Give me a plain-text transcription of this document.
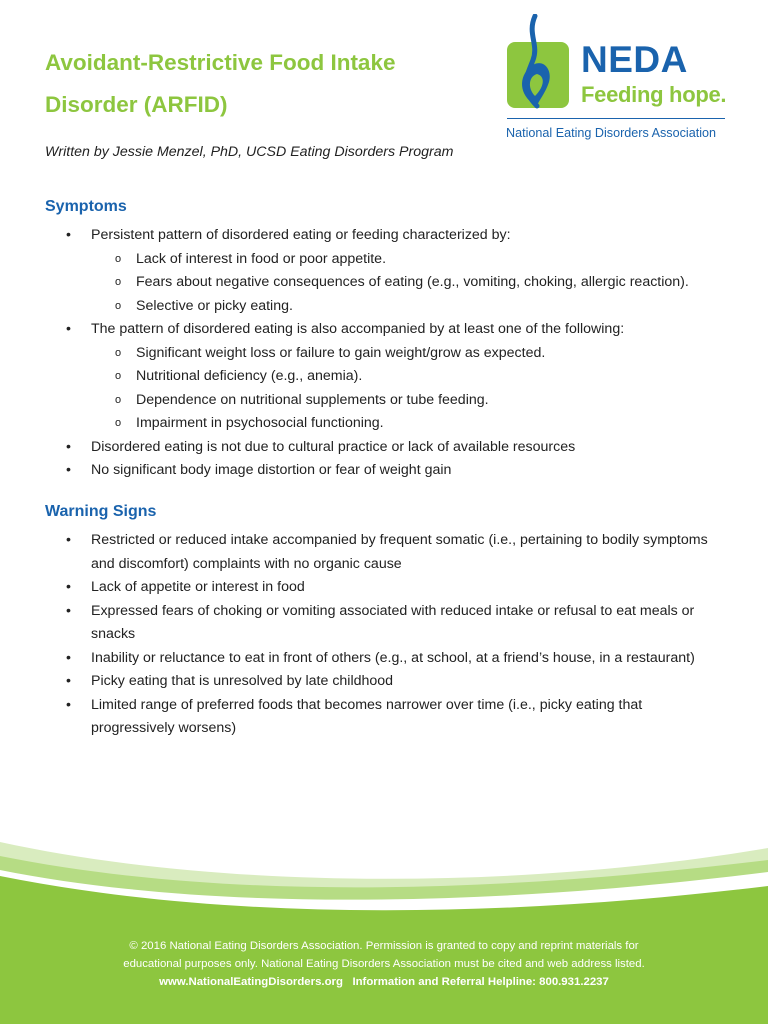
Avoidant-Restrictive Food Intake Disorder (ARFID)
NEDA
Feeding hope.
National Eating Disorders Association
Written by Jessie Menzel, PhD, UCSD Eating Disorders Program
Symptoms
• Persistent pattern of disordered eating or feeding characterized by:
o Lack of interest in food or poor appetite.
o Fears about negative consequences of eating (e.g., vomiting, choking, allergic reaction).
o Selective or picky eating.
• The pattern of disordered eating is also accompanied by at least one of the following:
o Significant weight loss or failure to gain weight/grow as expected.
o Nutritional deficiency (e.g., anemia).
o Dependence on nutritional supplements or tube feeding.
o Impairment in psychosocial functioning.
• Disordered eating is not due to cultural practice or lack of available resources
• No significant body image distortion or fear of weight gain
Warning Signs
• Restricted or reduced intake accompanied by frequent somatic (i.e., pertaining to bodily symptoms and discomfort) complaints with no organic cause
• Lack of appetite or interest in food
• Expressed fears of choking or vomiting associated with reduced intake or refusal to eat meals or snacks
• Inability or reluctance to eat in front of others (e.g., at school, at a friend’s house, in a restaurant)
• Picky eating that is unresolved by late childhood
• Limited range of preferred foods that becomes narrower over time (i.e., picky eating that progressively worsens)
© 2016 National Eating Disorders Association. Permission is granted to copy and reprint materials for
educational purposes only. National Eating Disorders Association must be cited and web address listed.
www.NationalEatingDisorders.org Information and Referral Helpline: 800.931.2237
